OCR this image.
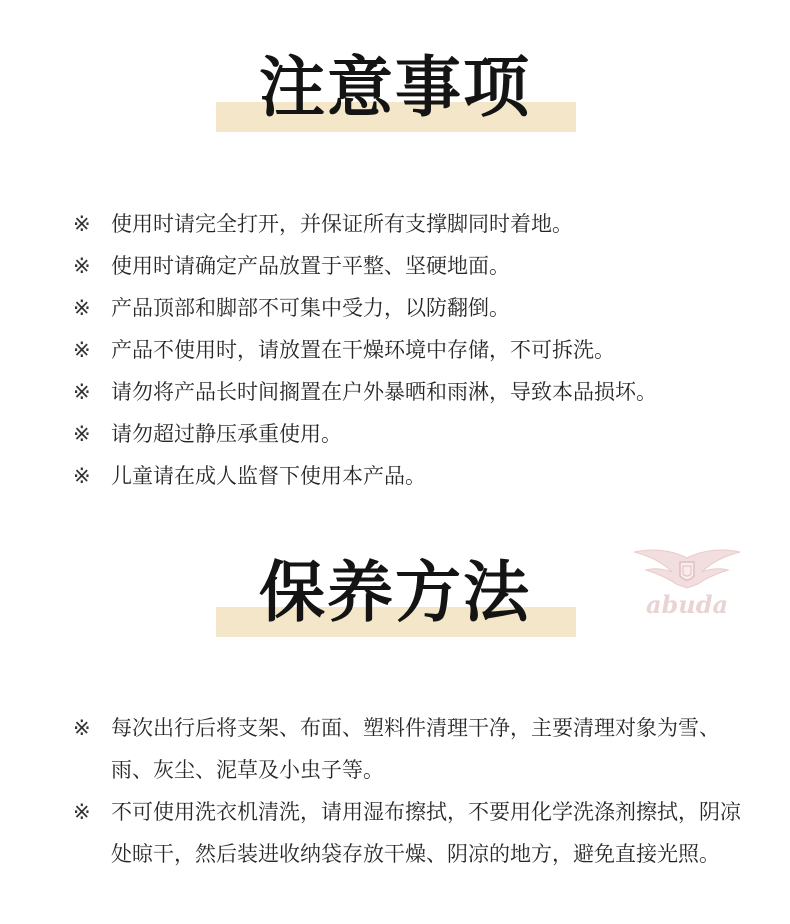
注意事项
※ 使用时请完全打开，并保证所有支撑脚同时着地。
※ 使用时请确定产品放置于平整、坚硬地面。
※ 产品顶部和脚部不可集中受力，以防翻倒。
※ 产品不使用时，请放置在干燥环境中存储，不可拆洗。
※ 请勿将产品长时间搁置在户外暴晒和雨淋，导致本品损坏。
※ 请勿超过静压承重使用。
※ 儿童请在成人监督下使用本产品。
保养方法	abuda
※ 每次出行后将支架、布面、塑料件清理干净，主要清理对象为雪、雨、灰尘、泥草及小虫子等。
※ 不可使用洗衣机清洗，请用湿布擦拭，不要用化学洗涤剂擦拭，阴凉处晾干，然后装进收纳袋存放干燥、阴凉的地方，避免直接光照。
